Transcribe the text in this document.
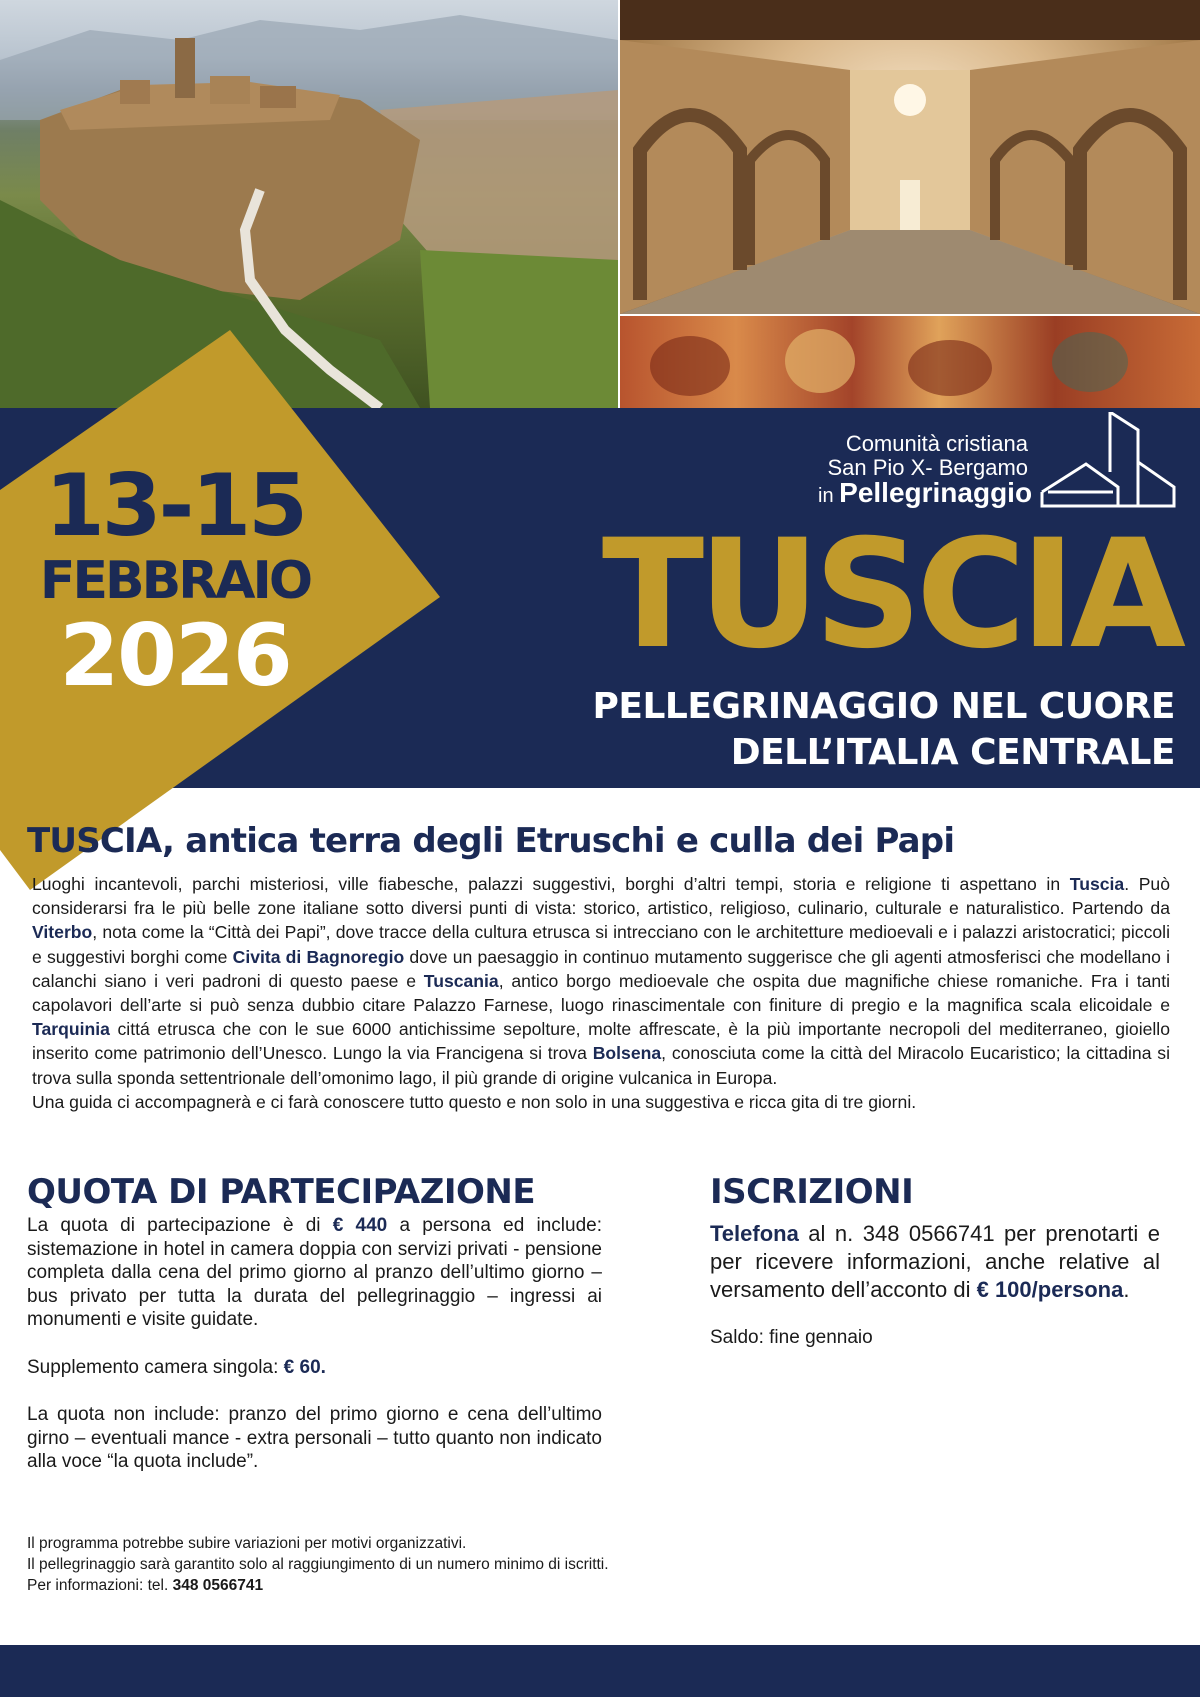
13-15
FEBBRAIO
2026
Comunità cristiana
San Pio X- Bergamo
in Pellegrinaggio
TUSCIA
PELLEGRINAGGIO NEL CUORE
DELL’ITALIA CENTRALE
TUSCIA, antica terra degli Etruschi e culla dei Papi
Luoghi incantevoli, parchi misteriosi, ville fiabesche, palazzi suggestivi, borghi d’altri tempi, storia e religione ti aspettano in Tuscia. Può considerarsi fra le più belle zone italiane sotto diversi punti di vista: storico, artistico, religioso, culinario, culturale e naturalistico. Partendo da Viterbo, nota come la “Città dei Papi”, dove tracce della cultura etrusca si intrecciano con le architetture medioevali e i palazzi aristocratici; piccoli e suggestivi borghi come Civita di Bagnoregio dove un paesaggio in continuo mutamento suggerisce che gli agenti atmosferisci che modellano i calanchi siano i veri padroni di questo paese e Tuscania, antico borgo medioevale che ospita due magnifiche chiese romaniche. Fra i tanti capolavori dell’arte si può senza dubbio citare Palazzo Farnese, luogo rinascimentale con finiture di pregio e la magnifica scala elicoidale e Tarquinia cittá etrusca che con le sue 6000 antichissime sepolture, molte affrescate, è la più importante necropoli del mediterraneo, gioiello inserito come patrimonio dell’Unesco. Lungo la via Francigena si trova Bolsena, conosciuta come la città del Miracolo Eucaristico; la cittadina si trova sulla sponda settentrionale dell’omonimo lago, il più grande di origine vulcanica in Europa.
Una guida ci accompagnerà e ci farà conoscere tutto questo e non solo in una suggestiva e ricca gita di tre giorni.
QUOTA DI PARTECIPAZIONE

La quota di partecipazione è di € 440 a persona ed include: sistemazione in hotel in camera doppia con servizi privati - pensione completa dalla cena del primo giorno al pranzo dell’ultimo giorno – bus privato per tutta la durata del pellegrinaggio – ingressi ai monumenti e visite guidate.

Supplemento camera singola: € 60.

La quota non include: pranzo del primo giorno e cena dell’ultimo girno – eventuali mance - extra personali – tutto quanto non indicato alla voce “la quota include”.

ISCRIZIONI

Telefona al n. 348 0566741 per prenotarti e per ricevere informazioni, anche relative al versamento dell’acconto di € 100/persona.

Saldo: fine gennaio

Il programma potrebbe subire variazioni per motivi organizzativi.
Il pellegrinaggio sarà garantito solo al raggiungimento di un numero minimo di iscritti.
Per informazioni: tel. 348 0566741
